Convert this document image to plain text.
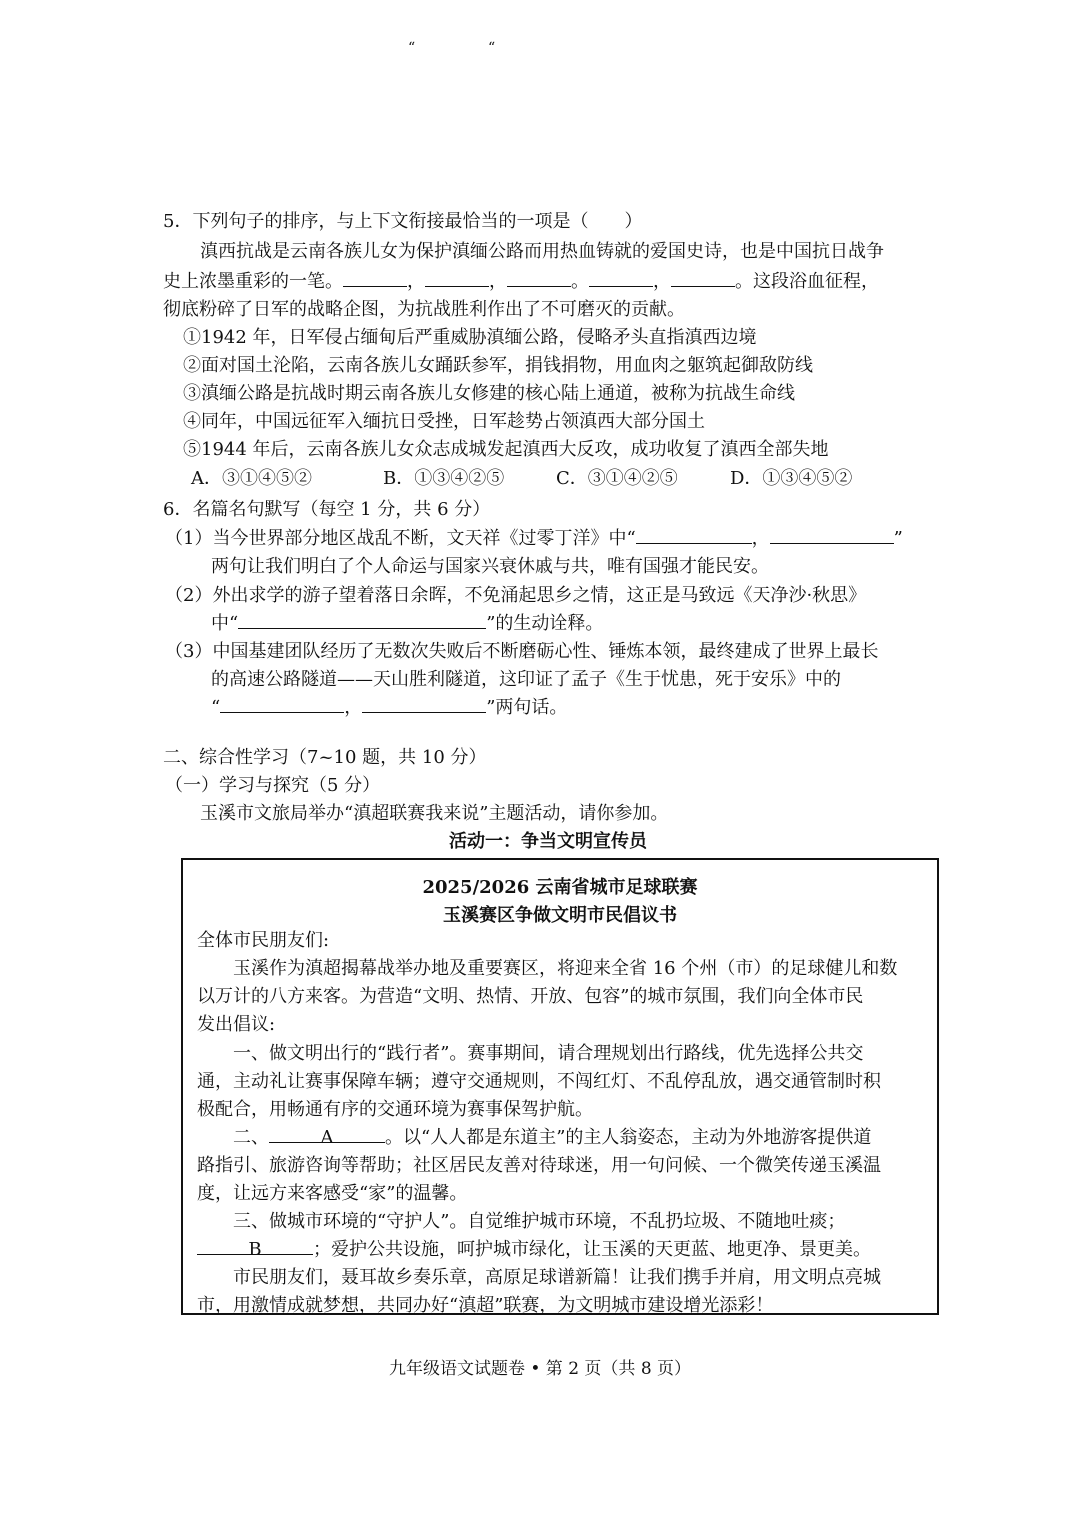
“	“
5．下列句子的排序，与上下文衔接最恰当的一项是（　　）
滇西抗战是云南各族儿女为保护滇缅公路而用热血铸就的爱国史诗，也是中国抗日战争
史上浓墨重彩的一笔。	，	，	。	，	。这段浴血征程，
彻底粉碎了日军的战略企图，为抗战胜利作出了不可磨灭的贡献。
①1942 年，日军侵占缅甸后严重威胁滇缅公路，侵略矛头直指滇西边境
②面对国土沦陷，云南各族儿女踊跃参军，捐钱捐物，用血肉之躯筑起御敌防线
③滇缅公路是抗战时期云南各族儿女修建的核心陆上通道，被称为抗战生命线
④同年，中国远征军入缅抗日受挫，日军趁势占领滇西大部分国土
⑤1944 年后，云南各族儿女众志成城发起滇西大反攻，成功收复了滇西全部失地
A．③①④⑤②	B．①③④②⑤	C．③①④②⑤	D．①③④⑤②
6．名篇名句默写（每空 1 分，共 6 分）
（1）当今世界部分地区战乱不断，文天祥《过零丁洋》中“	，	”
两句让我们明白了个人命运与国家兴衰休戚与共，唯有国强才能民安。
（2）外出求学的游子望着落日余晖，不免涌起思乡之情，这正是马致远《天净沙·秋思》
中“	”的生动诠释。
（3）中国基建团队经历了无数次失败后不断磨砺心性、锤炼本领，最终建成了世界上最长
的高速公路隧道——天山胜利隧道，这印证了孟子《生于忧患，死于安乐》中的
“	，	”两句话。
二、综合性学习（7~10 题，共 10 分）
（一）学习与探究（5 分）
玉溪市文旅局举办“滇超联赛我来说”主题活动，请你参加。
活动一：争当文明宣传员
2025/2026 云南省城市足球联赛
玉溪赛区争做文明市民倡议书
全体市民朋友们:
　　玉溪作为滇超揭幕战举办地及重要赛区，将迎来全省 16 个州（市）的足球健儿和数
以万计的八方来客。为营造“文明、热情、开放、包容”的城市氛围，我们向全体市民
发出倡议:
　　一、做文明出行的“践行者”。赛事期间，请合理规划出行路线，优先选择公共交
通，主动礼让赛事保障车辆；遵守交通规则，不闯红灯、不乱停乱放，遇交通管制时积
极配合，用畅通有序的交通环境为赛事保驾护航。
　　二、	A	。以“人人都是东道主”的主人翁姿态，主动为外地游客提供道
路指引、旅游咨询等帮助；社区居民友善对待球迷，用一句问候、一个微笑传递玉溪温
度，让远方来客感受“家”的温馨。
　　三、做城市环境的“守护人”。自觉维护城市环境，不乱扔垃圾、不随地吐痰；
B	；爱护公共设施，呵护城市绿化，让玉溪的天更蓝、地更净、景更美。
　　市民朋友们，聂耳故乡奏乐章，高原足球谱新篇！让我们携手并肩，用文明点亮城
市，用激情成就梦想，共同办好“滇超”联赛，为文明城市建设增光添彩！
九年级语文试题卷 • 第 2 页（共 8 页）
